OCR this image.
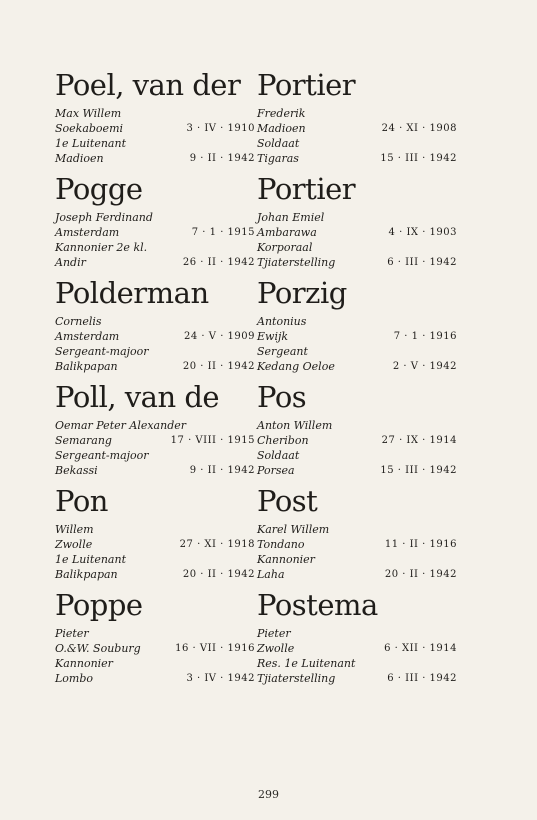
Poel, van der
Max Willem
Soekaboemi	3 · IV · 1910
1e Luitenant
Madioen	9 · II · 1942
Pogge
Joseph Ferdinand
Amsterdam	7 · 1 · 1915
Kannonier 2e kl.
Andir	26 · II · 1942
Polderman
Cornelis
Amsterdam	24 · V · 1909
Sergeant-majoor
Balikpapan	20 · II · 1942
Poll, van de
Oemar Peter Alexander
Semarang	17 · VIII · 1915
Sergeant-majoor
Bekassi	9 · II · 1942
Pon
Willem
Zwolle	27 · XI · 1918
1e Luitenant
Balikpapan	20 · II · 1942
Poppe
Pieter
O.&W. Souburg	16 · VII · 1916
Kannonier
Lombo	3 · IV · 1942
Portier
Frederik
Madioen	24 · XI · 1908
Soldaat
Tigaras	15 · III · 1942
Portier
Johan Emiel
Ambarawa	4 · IX · 1903
Korporaal
Tjiaterstelling	6 · III · 1942
Porzig
Antonius
Ewijk	7 · 1 · 1916
Sergeant
Kedang Oeloe	2 · V · 1942
Pos
Anton Willem
Cheribon	27 · IX · 1914
Soldaat
Porsea	15 · III · 1942
Post
Karel Willem
Tondano	11 · II · 1916
Kannonier
Laha	20 · II · 1942
Postema
Pieter
Zwolle	6 · XII · 1914
Res. 1e Luitenant
Tjiaterstelling	6 · III · 1942
299
